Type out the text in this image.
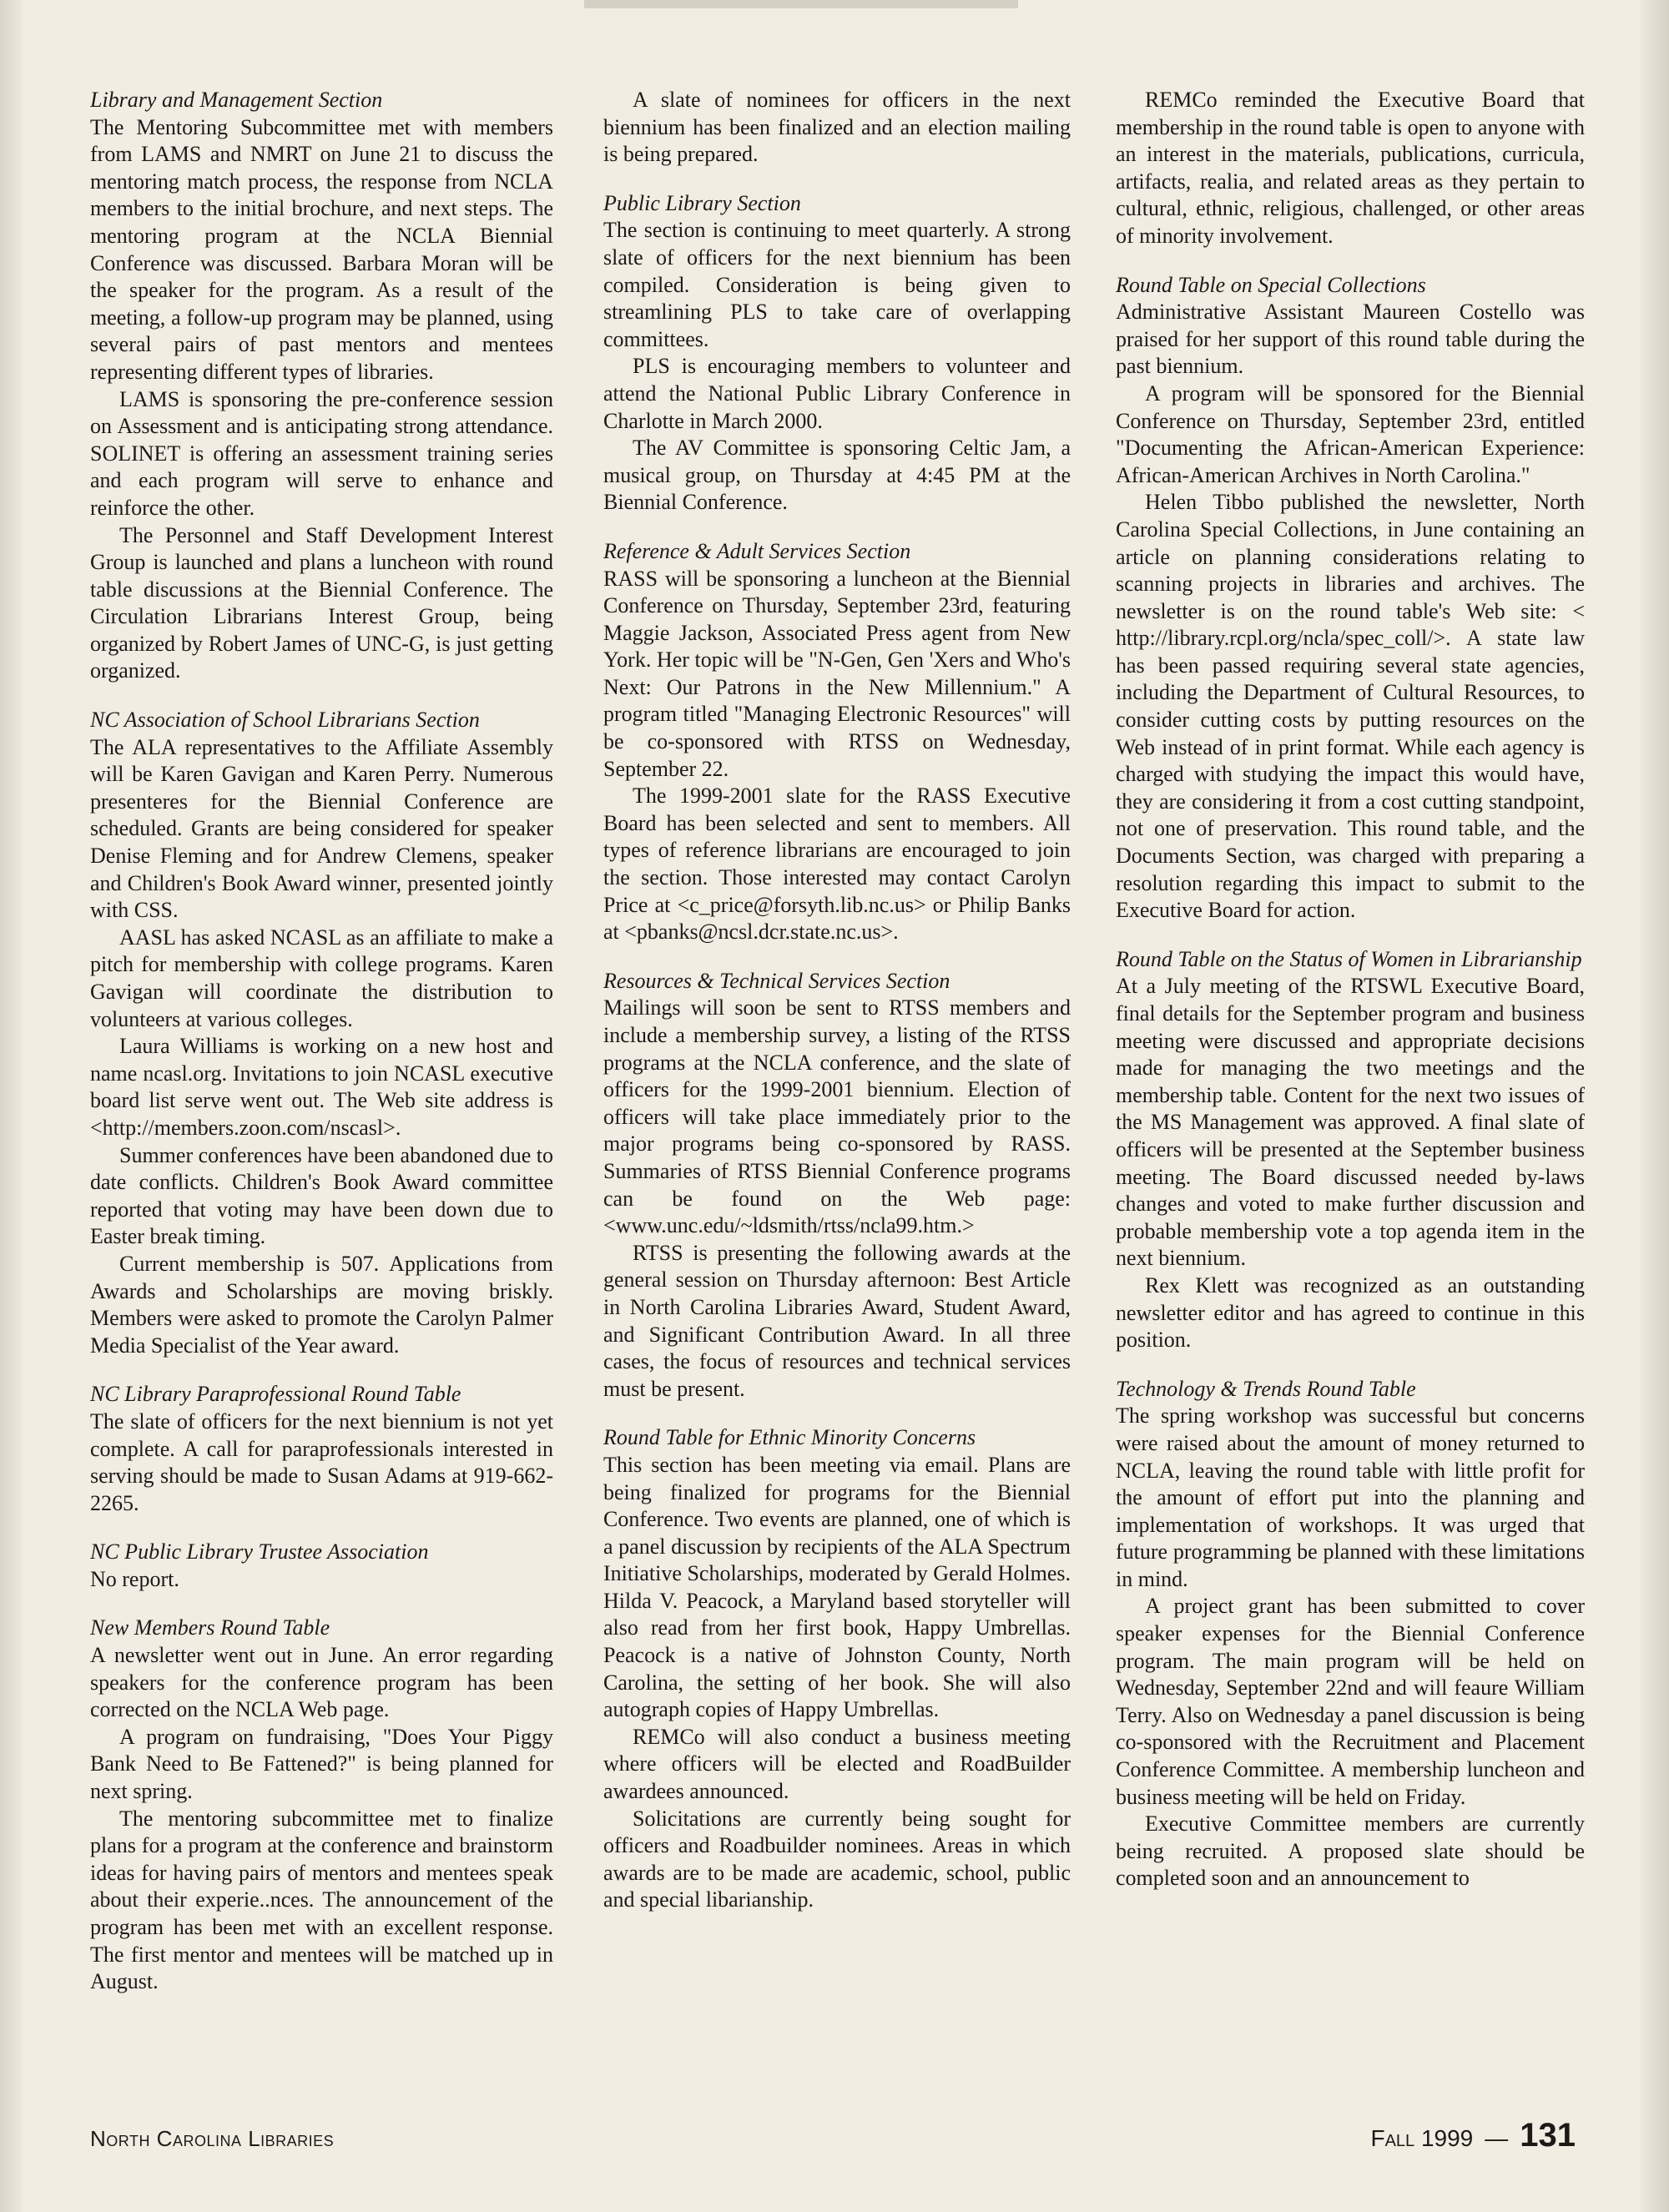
Library and Management Section

The Mentoring Subcommittee met with members from LAMS and NMRT on June 21 to discuss the mentoring match process, the response from NCLA members to the initial brochure, and next steps. The mentoring program at the NCLA Biennial Conference was discussed. Barbara Moran will be the speaker for the program. As a result of the meeting, a follow-up program may be planned, using several pairs of past mentors and mentees representing different types of libraries.

LAMS is sponsoring the pre-conference session on Assessment and is anticipating strong attendance. SOLINET is offering an assessment training series and each program will serve to enhance and reinforce the other.

The Personnel and Staff Development Interest Group is launched and plans a luncheon with round table discussions at the Biennial Conference. The Circulation Librarians Interest Group, being organized by Robert James of UNC-G, is just getting organized.

NC Association of School Librarians Section

The ALA representatives to the Affiliate Assembly will be Karen Gavigan and Karen Perry. Numerous presenteres for the Biennial Conference are scheduled. Grants are being considered for speaker Denise Fleming and for Andrew Clemens, speaker and Children's Book Award winner, presented jointly with CSS.

AASL has asked NCASL as an affiliate to make a pitch for membership with college programs. Karen Gavigan will coordinate the distribution to volunteers at various colleges.

Laura Williams is working on a new host and name ncasl.org. Invitations to join NCASL executive board list serve went out. The Web site address is <http://members.zoon.com/nscasl>.

Summer conferences have been abandoned due to date conflicts. Children's Book Award committee reported that voting may have been down due to Easter break timing.

Current membership is 507. Applications from Awards and Scholarships are moving briskly. Members were asked to promote the Carolyn Palmer Media Specialist of the Year award.

NC Library Paraprofessional Round Table

The slate of officers for the next biennium is not yet complete. A call for paraprofessionals interested in serving should be made to Susan Adams at 919-662-2265.

NC Public Library Trustee Association

No report.

New Members Round Table

A newsletter went out in June. An error regarding speakers for the conference program has been corrected on the NCLA Web page.

A program on fundraising, "Does Your Piggy Bank Need to Be Fattened?" is being planned for next spring.

The mentoring subcommittee met to finalize plans for a program at the conference and brainstorm ideas for having pairs of mentors and mentees speak about their experie..nces. The announcement of the program has been met with an excellent response. The first mentor and mentees will be matched up in August.

A slate of nominees for officers in the next biennium has been finalized and an election mailing is being prepared.

Public Library Section

The section is continuing to meet quarterly. A strong slate of officers for the next biennium has been compiled. Consideration is being given to streamlining PLS to take care of overlapping committees.

PLS is encouraging members to volunteer and attend the National Public Library Conference in Charlotte in March 2000.

The AV Committee is sponsoring Celtic Jam, a musical group, on Thursday at 4:45 PM at the Biennial Conference.

Reference & Adult Services Section

RASS will be sponsoring a luncheon at the Biennial Conference on Thursday, September 23rd, featuring Maggie Jackson, Associated Press agent from New York. Her topic will be "N-Gen, Gen 'Xers and Who's Next: Our Patrons in the New Millennium." A program titled "Managing Electronic Resources" will be co-sponsored with RTSS on Wednesday, September 22.

The 1999-2001 slate for the RASS Executive Board has been selected and sent to members. All types of reference librarians are encouraged to join the section. Those interested may contact Carolyn Price at <c_price@forsyth.lib.nc.us> or Philip Banks at <pbanks@ncsl.dcr.state.nc.us>.

Resources & Technical Services Section

Mailings will soon be sent to RTSS members and include a membership survey, a listing of the RTSS programs at the NCLA conference, and the slate of officers for the 1999-2001 biennium. Election of officers will take place immediately prior to the major programs being co-sponsored by RASS. Summaries of RTSS Biennial Conference programs can be found on the Web page: <www.unc.edu/~ldsmith/rtss/ncla99.htm.>

RTSS is presenting the following awards at the general session on Thursday afternoon: Best Article in North Carolina Libraries Award, Student Award, and Significant Contribution Award. In all three cases, the focus of resources and technical services must be present.

Round Table for Ethnic Minority Concerns

This section has been meeting via email. Plans are being finalized for programs for the Biennial Conference. Two events are planned, one of which is a panel discussion by recipients of the ALA Spectrum Initiative Scholarships, moderated by Gerald Holmes. Hilda V. Peacock, a Maryland based storyteller will also read from her first book, Happy Umbrellas. Peacock is a native of Johnston County, North Carolina, the setting of her book. She will also autograph copies of Happy Umbrellas.

REMCo will also conduct a business meeting where officers will be elected and RoadBuilder awardees announced.

Solicitations are currently being sought for officers and Roadbuilder nominees. Areas in which awards are to be made are academic, school, public and special libarianship.

REMCo reminded the Executive Board that membership in the round table is open to anyone with an interest in the materials, publications, curricula, artifacts, realia, and related areas as they pertain to cultural, ethnic, religious, challenged, or other areas of minority involvement.

Round Table on Special Collections

Administrative Assistant Maureen Costello was praised for her support of this round table during the past biennium.

A program will be sponsored for the Biennial Conference on Thursday, September 23rd, entitled "Documenting the African-American Experience: African-American Archives in North Carolina."

Helen Tibbo published the newsletter, North Carolina Special Collections, in June containing an article on planning considerations relating to scanning projects in libraries and archives. The newsletter is on the round table's Web site: < http://library.rcpl.org/ncla/spec_coll/>. A state law has been passed requiring several state agencies, including the Department of Cultural Resources, to consider cutting costs by putting resources on the Web instead of in print format. While each agency is charged with studying the impact this would have, they are considering it from a cost cutting standpoint, not one of preservation. This round table, and the Documents Section, was charged with preparing a resolution regarding this impact to submit to the Executive Board for action.

Round Table on the Status of Women in Librarianship

At a July meeting of the RTSWL Executive Board, final details for the September program and business meeting were discussed and appropriate decisions made for managing the two meetings and the membership table. Content for the next two issues of the MS Management was approved. A final slate of officers will be presented at the September business meeting. The Board discussed needed by-laws changes and voted to make further discussion and probable membership vote a top agenda item in the next biennium.

Rex Klett was recognized as an outstanding newsletter editor and has agreed to continue in this position.

Technology & Trends Round Table

The spring workshop was successful but concerns were raised about the amount of money returned to NCLA, leaving the round table with little profit for the amount of effort put into the planning and implementation of workshops. It was urged that future programming be planned with these limitations in mind.

A project grant has been submitted to cover speaker expenses for the Biennial Conference program. The main program will be held on Wednesday, September 22nd and will feaure William Terry. Also on Wednesday a panel discussion is being co-sponsored with the Recruitment and Placement Conference Committee. A membership luncheon and business meeting will be held on Friday.

Executive Committee members are currently being recruited. A proposed slate should be completed soon and an announcement to

North Carolina Libraries	Fall 1999 — 131
